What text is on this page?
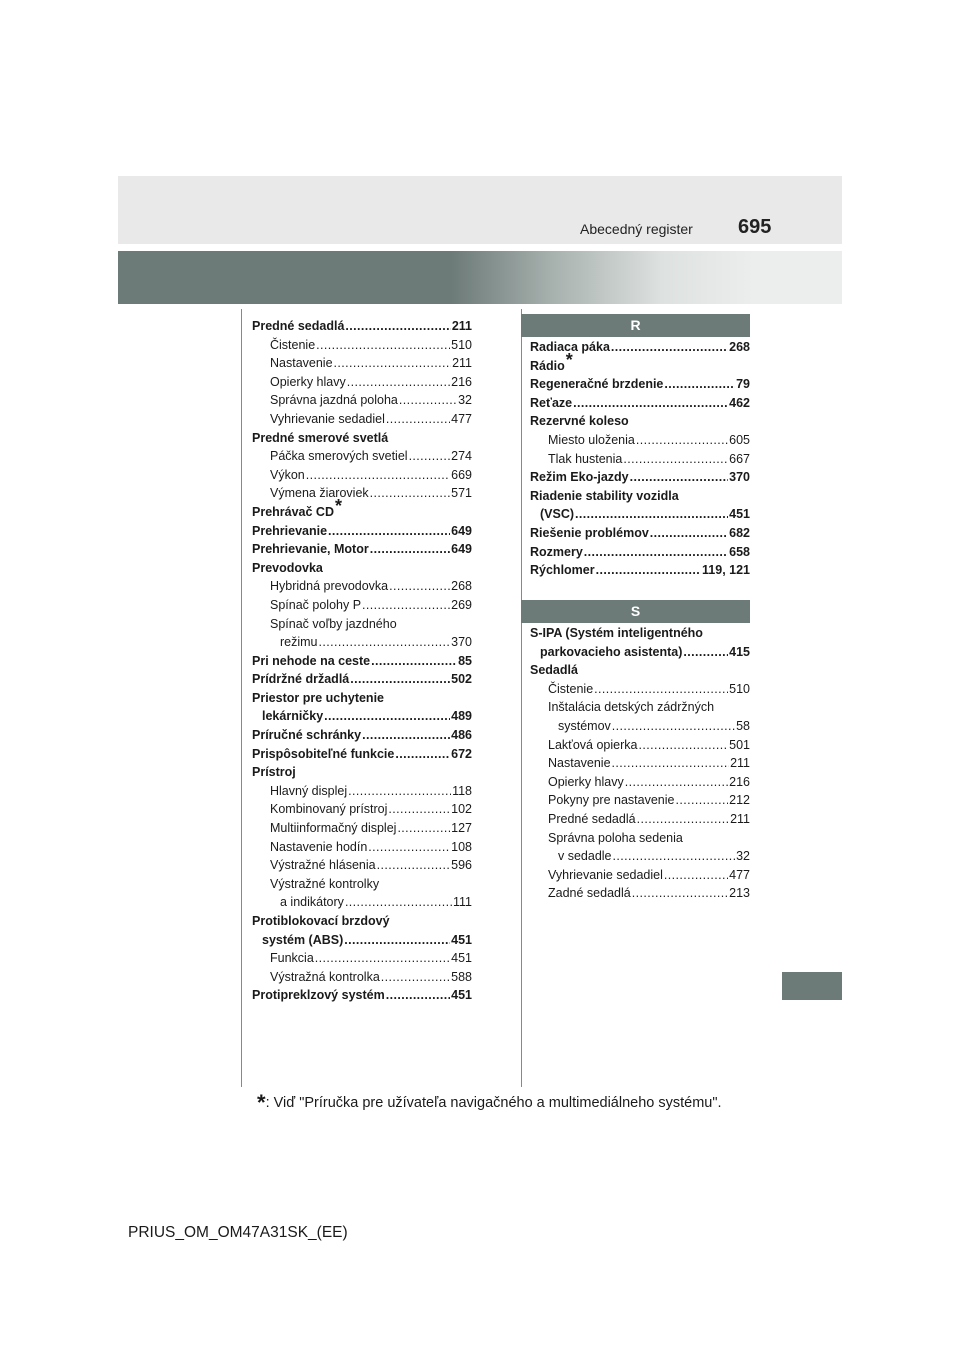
Abecedný register 695
Predné sedadlá .....	211
Čistenie .....	510
Nastavenie .....	211
Opierky hlavy .....	216
Správna jazdná poloha .....	32
Vyhrievanie sedadiel .....	477
Predné smerové svetlá
Páčka smerových svetiel .....	274
Výkon .....	669
Výmena žiaroviek .....	571
Prehrávač CD*
Prehrievanie .....	649
Prehrievanie, Motor .....	649
Prevodovka
Hybridná prevodovka .....	268
Spínač polohy P .....	269
Spínač voľby jazdného
režimu .....	370
Pri nehode na ceste .....	85
Prídržné držadlá .....	502
Priestor pre uchytenie
lekárničky .....	489
Príručné schránky .....	486
Prispôsobiteľné funkcie .....	672
Prístroj
Hlavný displej .....	118
Kombinovaný prístroj .....	102
Multiinformačný displej .....	127
Nastavenie hodín .....	108
Výstražné hlásenia .....	596
Výstražné kontrolky
a indikátory .....	111
Protiblokovací brzdový
systém (ABS) .....	451
Funkcia .....	451
Výstražná kontrolka .....	588
Protipreklzový systém .....	451
R
Radiaca páka .....	268
Rádio*
Regeneračné brzdenie .....	79
Reťaze .....	462
Rezervné koleso
Miesto uloženia .....	605
Tlak hustenia .....	667
Režim Eko-jazdy .....	370
Riadenie stability vozidla
(VSC) .....	451
Riešenie problémov .....	682
Rozmery .....	658
Rýchlomer .....	119, 121
S
S-IPA (Systém inteligentného
parkovacieho asistenta) .....	415
Sedadlá
Čistenie .....	510
Inštalácia detských zádržných
systémov .....	58
Lakťová opierka .....	501
Nastavenie .....	211
Opierky hlavy .....	216
Pokyny pre nastavenie .....	212
Predné sedadlá .....	211
Správna poloha sedenia
v sedadle .....	32
Vyhrievanie sedadiel .....	477
Zadné sedadlá .....	213
*: Viď "Príručka pre užívateľa navigačného a multimediálneho systému".
PRIUS_OM_OM47A31SK_(EE)
